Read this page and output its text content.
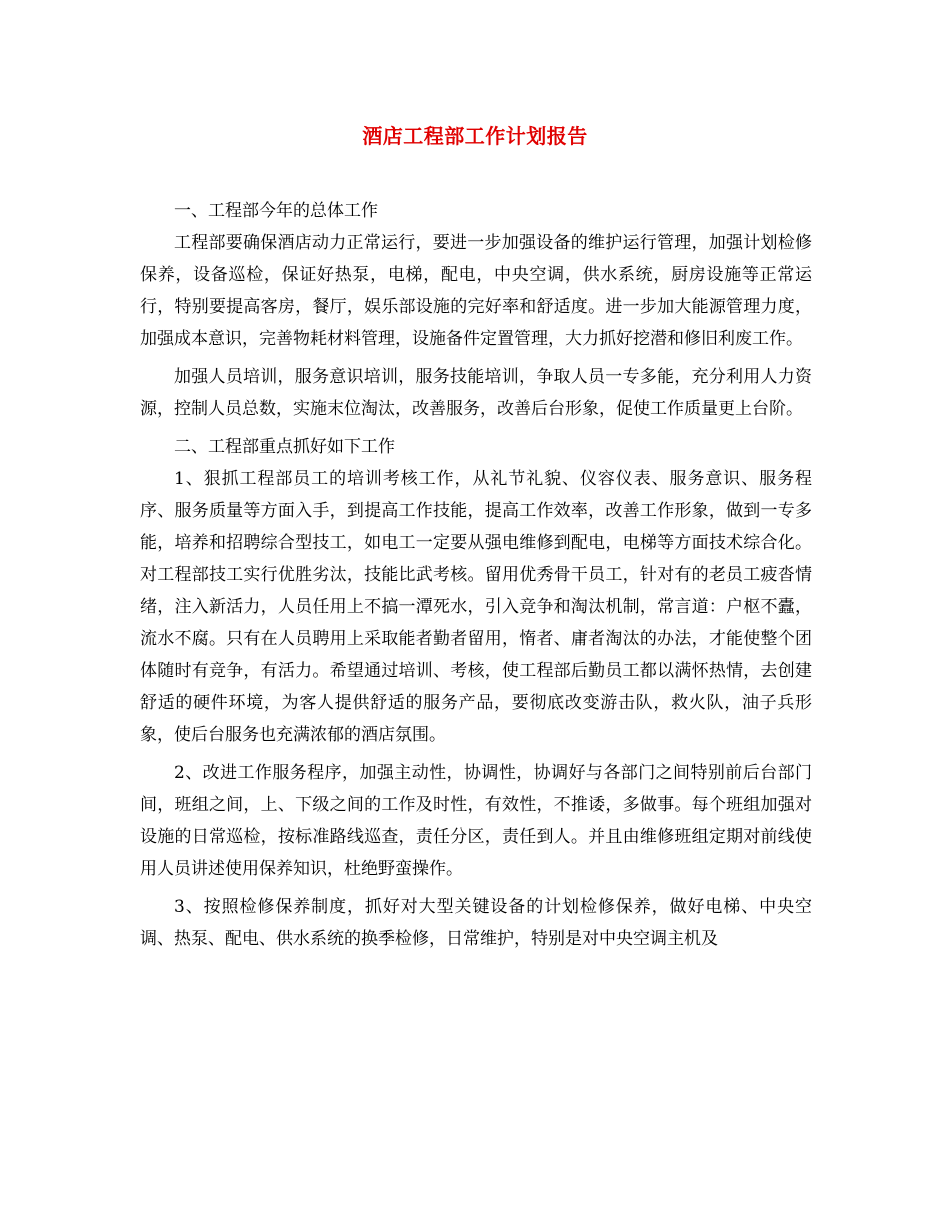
酒店工程部工作计划报告

一、工程部今年的总体工作

工程部要确保酒店动力正常运行，要进一步加强设备的维护运行管理，加强计划检修保养，设备巡检，保证好热泵，电梯，配电，中央空调，供水系统，厨房设施等正常运行，特别要提高客房，餐厅，娱乐部设施的完好率和舒适度。进一步加大能源管理力度，加强成本意识，完善物耗材料管理，设施备件定置管理，大力抓好挖潜和修旧利废工作。

加强人员培训，服务意识培训，服务技能培训，争取人员一专多能，充分利用人力资源，控制人员总数，实施末位淘汰，改善服务，改善后台形象，促使工作质量更上台阶。

二、工程部重点抓好如下工作

1、狠抓工程部员工的培训考核工作，从礼节礼貌、仪容仪表、服务意识、服务程序、服务质量等方面入手，到提高工作技能，提高工作效率，改善工作形象，做到一专多能，培养和招聘综合型技工，如电工一定要从强电维修到配电，电梯等方面技术综合化。对工程部技工实行优胜劣汰，技能比武考核。留用优秀骨干员工，针对有的老员工疲沓情绪，注入新活力，人员任用上不搞一潭死水，引入竞争和淘汰机制，常言道：户枢不蠹，流水不腐。只有在人员聘用上采取能者勤者留用，惰者、庸者淘汰的办法，才能使整个团体随时有竞争，有活力。希望通过培训、考核，使工程部后勤员工都以满怀热情，去创建舒适的硬件环境，为客人提供舒适的服务产品，要彻底改变游击队，救火队，油子兵形象，使后台服务也充满浓郁的酒店氛围。

2、改进工作服务程序，加强主动性，协调性，协调好与各部门之间特别前后台部门间，班组之间，上、下级之间的工作及时性，有效性，不推诿，多做事。每个班组加强对设施的日常巡检，按标准路线巡查，责任分区，责任到人。并且由维修班组定期对前线使用人员讲述使用保养知识，杜绝野蛮操作。

3、按照检修保养制度，抓好对大型关键设备的计划检修保养，做好电梯、中央空调、热泵、配电、供水系统的换季检修，日常维护，特别是对中央空调主机及
